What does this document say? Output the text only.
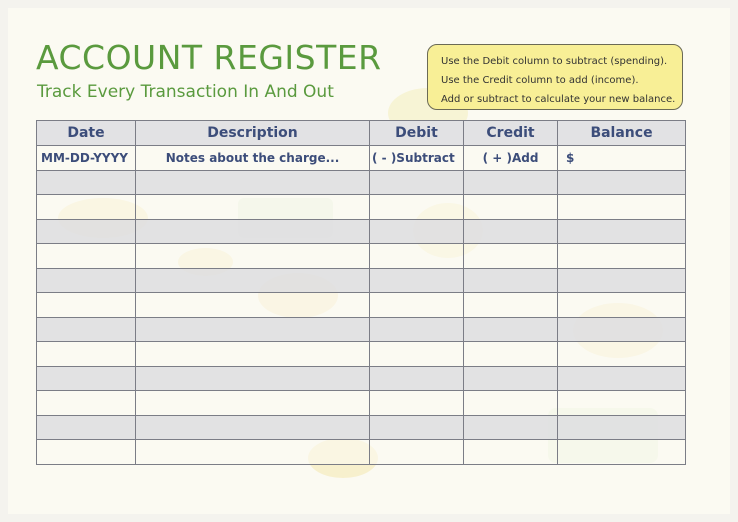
ACCOUNT REGISTER
Track Every Transaction In And Out
Use the Debit column to subtract (spending).
Use the Credit column to add (income).
Add or subtract to calculate your new balance.
Date	Description	Debit	Credit	Balance
MM-DD-YYYY	Notes about the charge...	( - )Subtract	( + )Add	$
